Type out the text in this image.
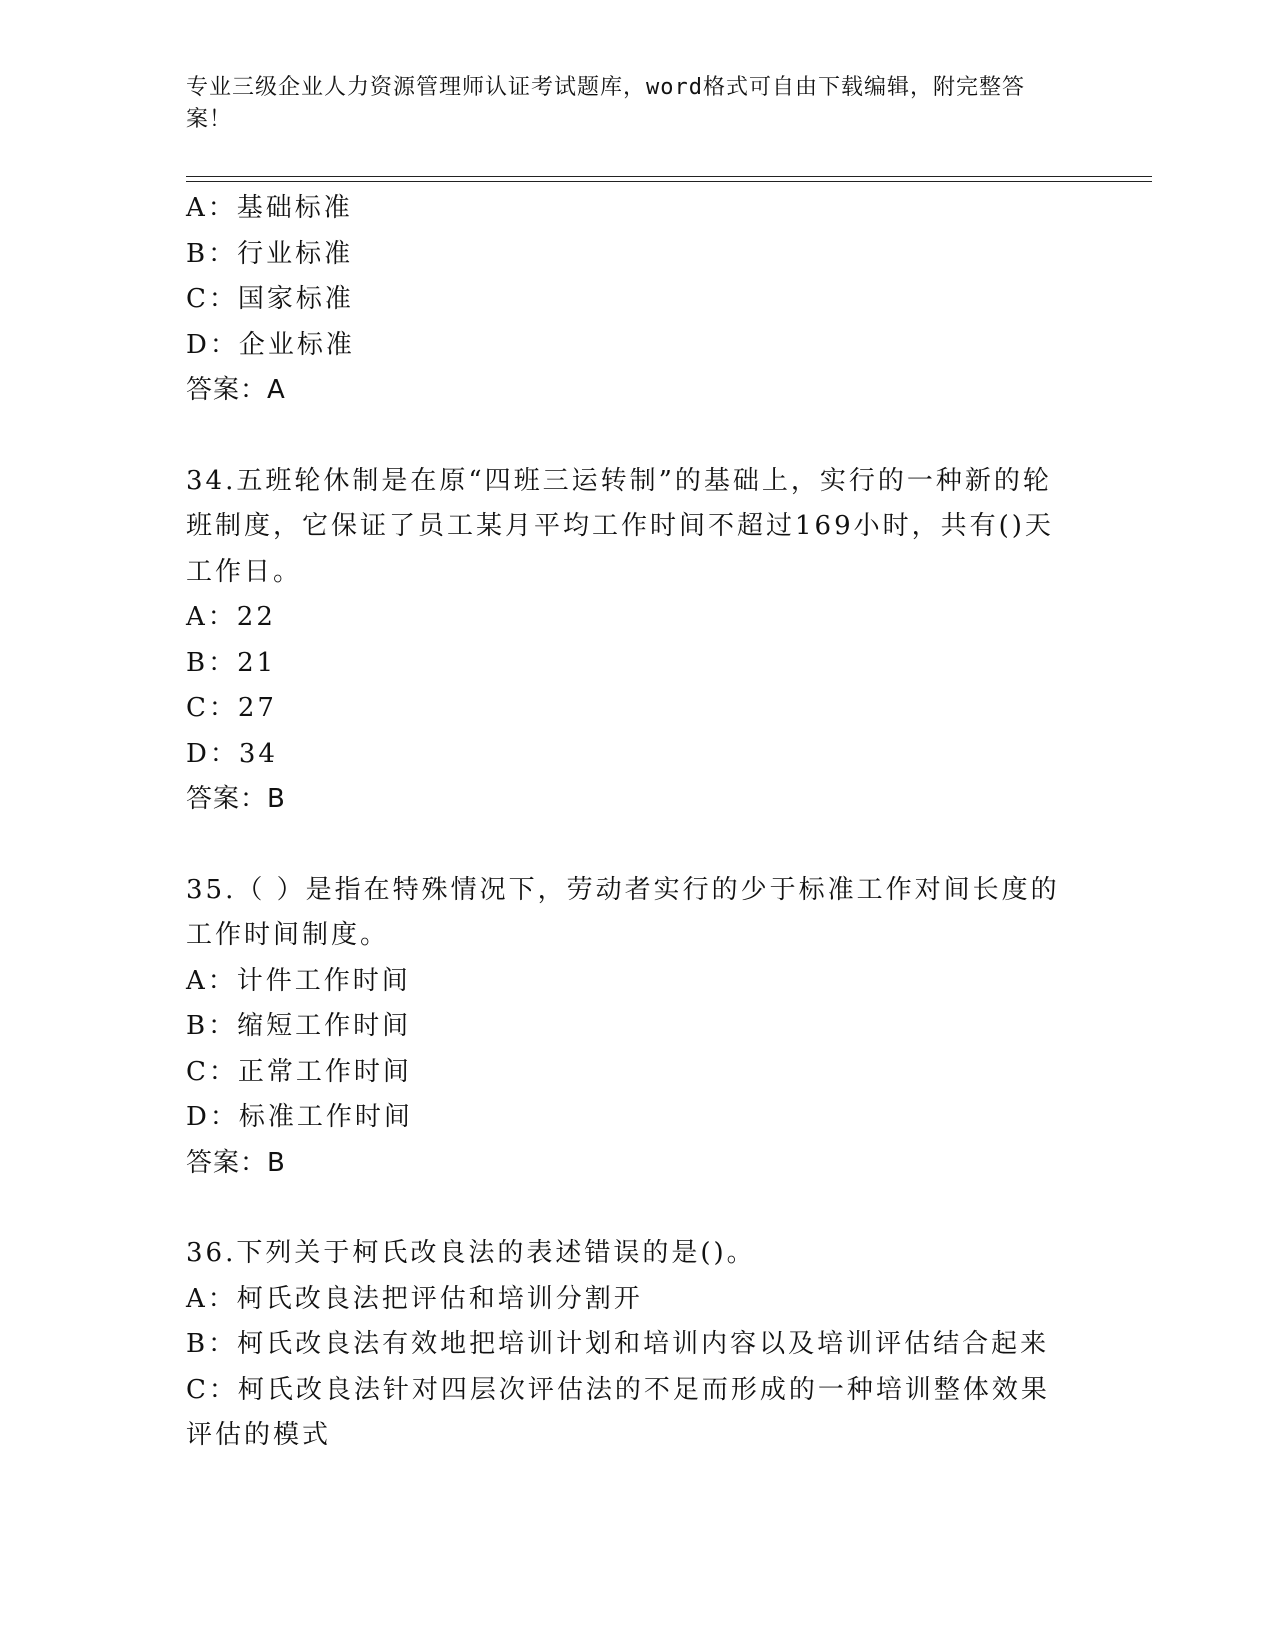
专业三级企业人力资源管理师认证考试题库，word格式可自由下载编辑，附完整答案！
A：基础标准
B：行业标准
C：国家标准
D：企业标准
答案：A
34.五班轮休制是在原“四班三运转制”的基础上，实行的一种新的轮班制度，它保证了员工某月平均工作时间不超过169小时，共有()天工作日。
A：22
B：21
C：27
D：34
答案：B
35.（ ）是指在特殊情况下，劳动者实行的少于标准工作对间长度的工作时间制度。
A：计件工作时间
B：缩短工作时间
C：正常工作时间
D：标准工作时间
答案：B
36.下列关于柯氏改良法的表述错误的是()。
A：柯氏改良法把评估和培训分割开
B：柯氏改良法有效地把培训计划和培训内容以及培训评估结合起来
C：柯氏改良法针对四层次评估法的不足而形成的一种培训整体效果评估的模式
